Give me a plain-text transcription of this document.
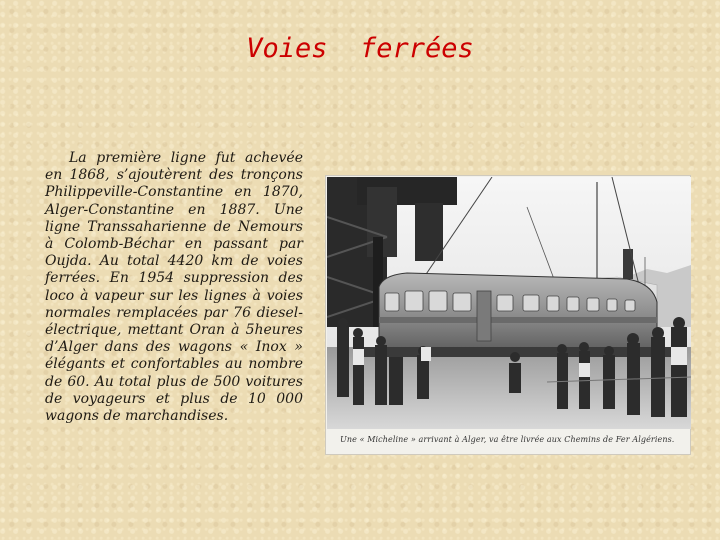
Voies  ferrées

La première ligne fut achevée en 1868, s’ajoutèrent des tronçons Philippeville-Constantine en 1870, Alger-Constantine en 1887. Une ligne Transsaharienne de Nemours à Colomb-Béchar en passant par Oujda. Au total 4420 km de voies ferrées. En 1954 suppression des loco à vapeur sur les lignes à voies normales remplacées par 76 diesel-électrique, mettant Oran à 5heures d’Alger dans des wagons « Inox » élégants et confortables au nombre de 60. Au total plus de 500 voitures de voyageurs et plus de 10 000 wagons de marchandises.

Une « Micheline » arrivant à Alger, va être livrée aux Chemins de Fer Algériens.
